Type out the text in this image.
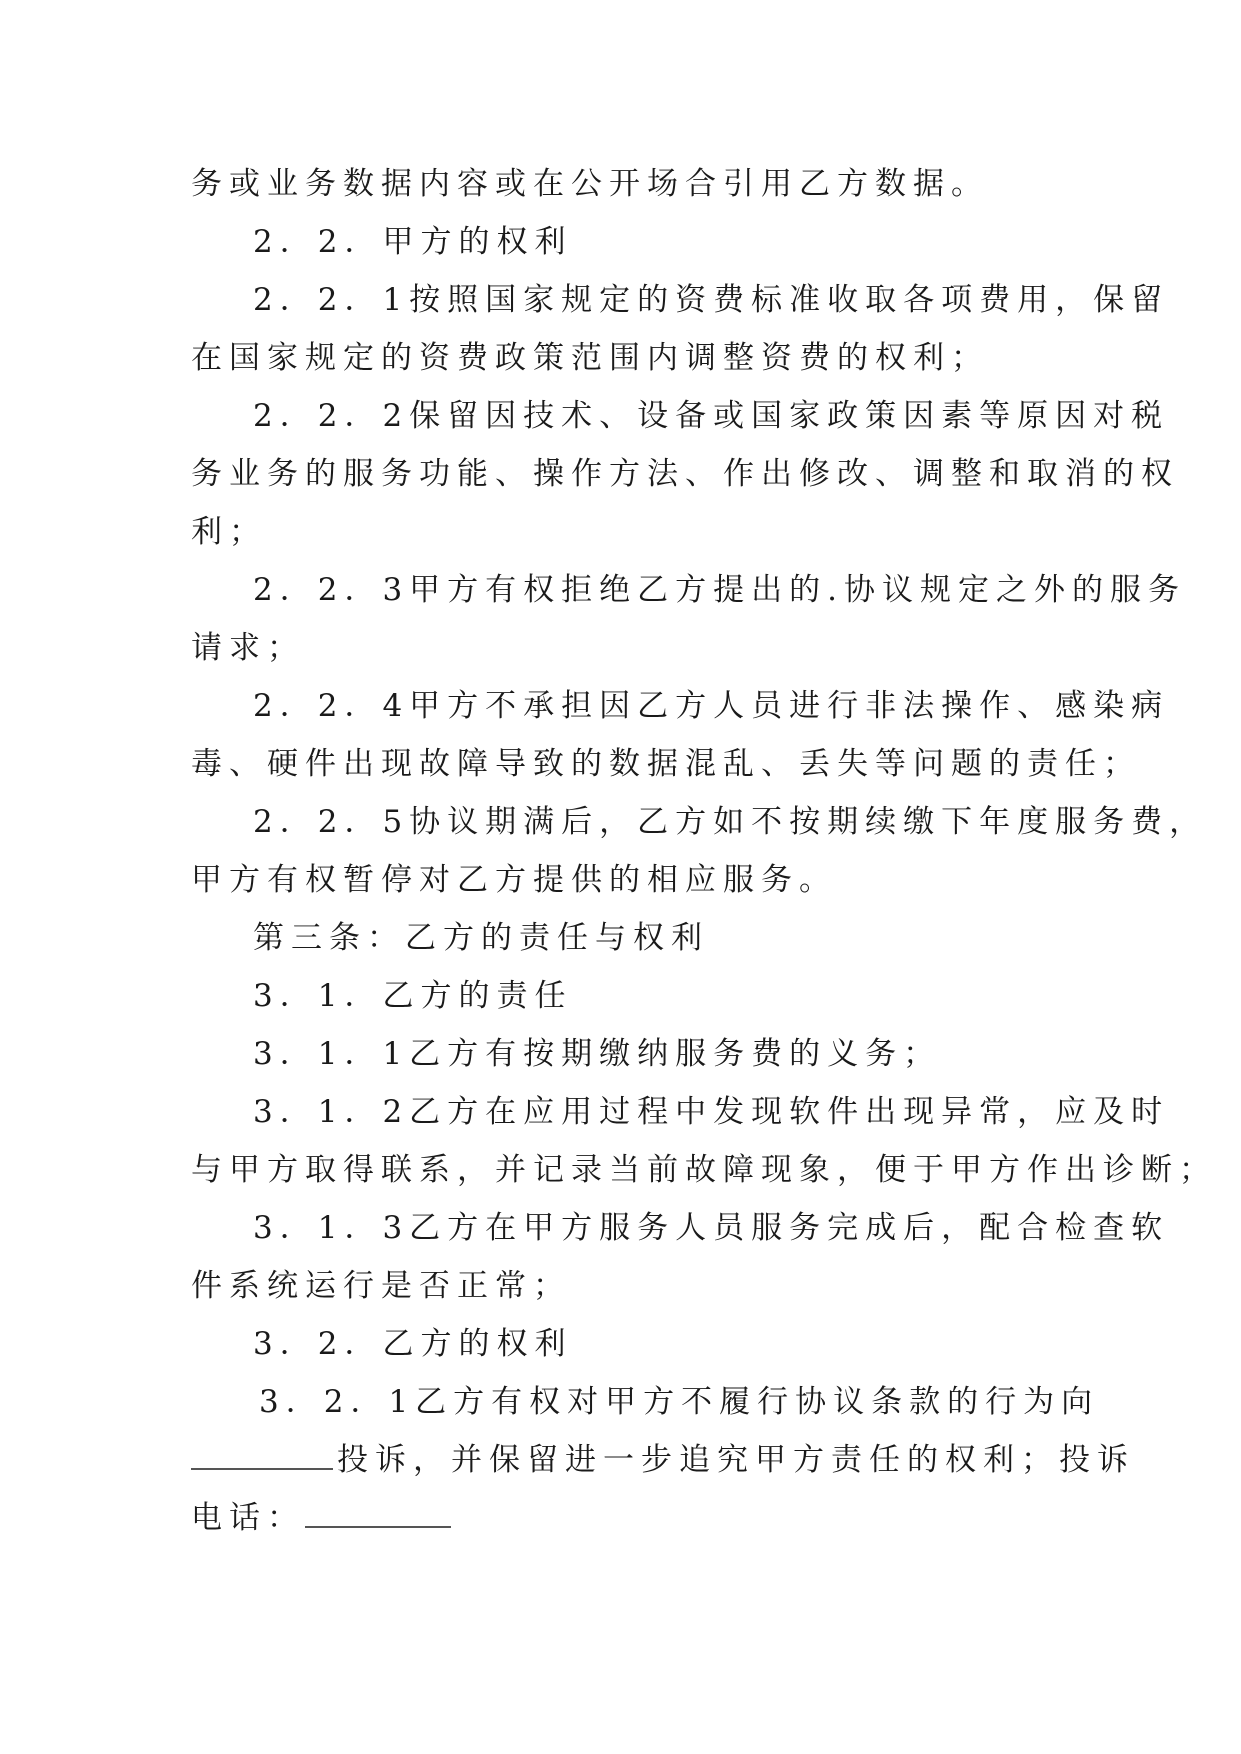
务或业务数据内容或在公开场合引用乙方数据。
2．2．甲方的权利
2．2．1按照国家规定的资费标准收取各项费用，保留
在国家规定的资费政策范围内调整资费的权利；
2．2．2保留因技术、设备或国家政策因素等原因对税
务业务的服务功能、操作方法、作出修改、调整和取消的权
利；
2．2．3甲方有权拒绝乙方提出的.协议规定之外的服务
请求；
2．2．4甲方不承担因乙方人员进行非法操作、感染病
毒、硬件出现故障导致的数据混乱、丢失等问题的责任；
2．2．5协议期满后，乙方如不按期续缴下年度服务费，
甲方有权暂停对乙方提供的相应服务。
第三条：乙方的责任与权利
3．1．乙方的责任
3．1．1乙方有按期缴纳服务费的义务；
3．1．2乙方在应用过程中发现软件出现异常，应及时
与甲方取得联系，并记录当前故障现象，便于甲方作出诊断；
3．1．3乙方在甲方服务人员服务完成后，配合检查软
件系统运行是否正常；
3．2．乙方的权利
3．2．1乙方有权对甲方不履行协议条款的行为向
投诉，并保留进一步追究甲方责任的权利；投诉
电话：
